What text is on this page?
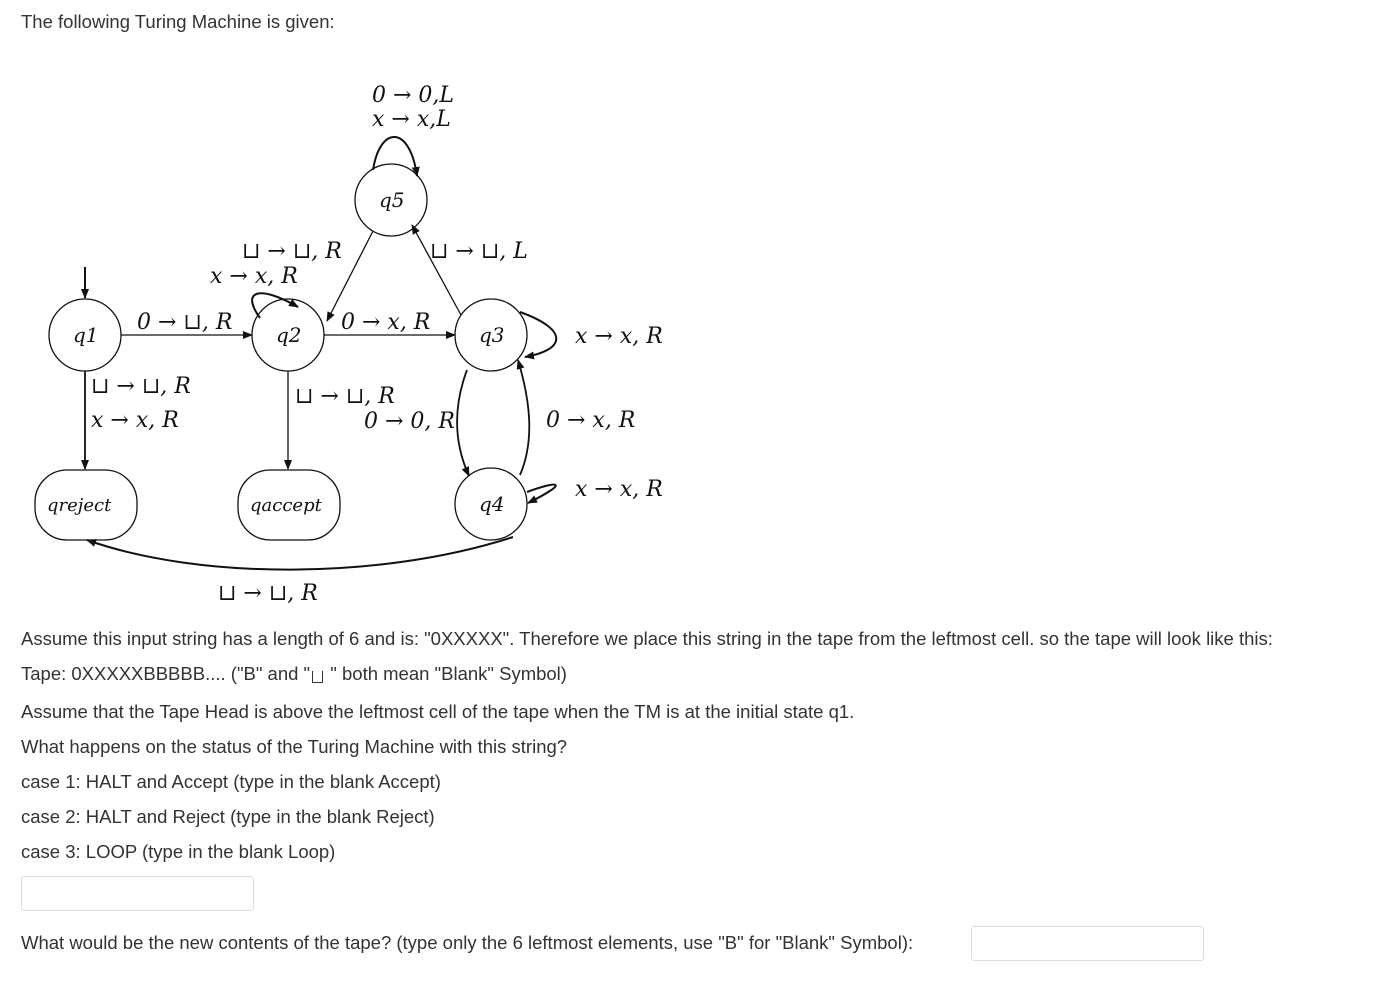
The following Turing Machine is given:
q1	q2	q3
q5
q4
qreject	qaccept
0 → 0,L
x → x,L
⊔ → ⊔, R
x → x, R
⊔ → ⊔, L
0 → ⊔, R	0 → x, R
x → x, R
⊔ → ⊔, R
x → x, R
⊔ → ⊔, R
0 → 0, R	0 → x, R
x → x, R
⊔ → ⊔, R
Assume this input string has a length of 6 and is: "0XXXXX". Therefore we place this string in the tape from the leftmost cell. so the tape will look like this:
Tape: 0XXXXXBBBBB.... ("B" and " " both mean "Blank" Symbol)
Assume that the Tape Head is above the leftmost cell of the tape when the TM is at the initial state q1.
What happens on the status of the Turing Machine with this string?
case 1: HALT and Accept (type in the blank Accept)
case 2: HALT and Reject (type in the blank Reject)
case 3: LOOP (type in the blank Loop)
What would be the new contents of the tape? (type only the 6 leftmost elements, use "B" for "Blank" Symbol):
